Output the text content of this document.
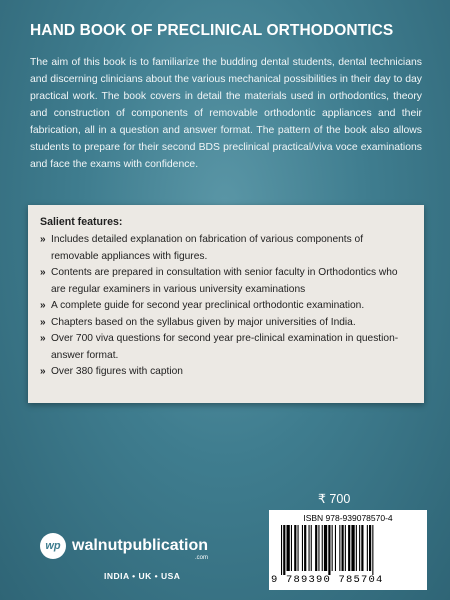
HAND BOOK OF PRECLINICAL ORTHODONTICS
The aim of this book is to familiarize the budding dental students, dental technicians and discerning clinicians about the various mechanical possibilities in their day to day practical work. The book covers in detail the materials used in orthodontics, theory and construction of components of removable orthodontic appliances and their fabrication, all in a question and answer format. The pattern of the book also allows students to prepare for their second BDS preclinical practical/viva voce examinations and face the exams with confidence.
Salient features:
» Includes detailed explanation on fabrication of various components of removable appliances with figures.
» Contents are prepared in consultation with senior faculty in Orthodontics who are regular examiners in various university examinations
» A complete guide for second year preclinical orthodontic examination.
» Chapters based on the syllabus given by major universities of India.
» Over 700 viva questions for second year pre-clinical examination in question-answer format.
» Over 380 figures with caption
₹ 700
wp walnutpublication
.com
INDIA • UK • USA
ISBN 978-939078570-4
9 789390 785704
